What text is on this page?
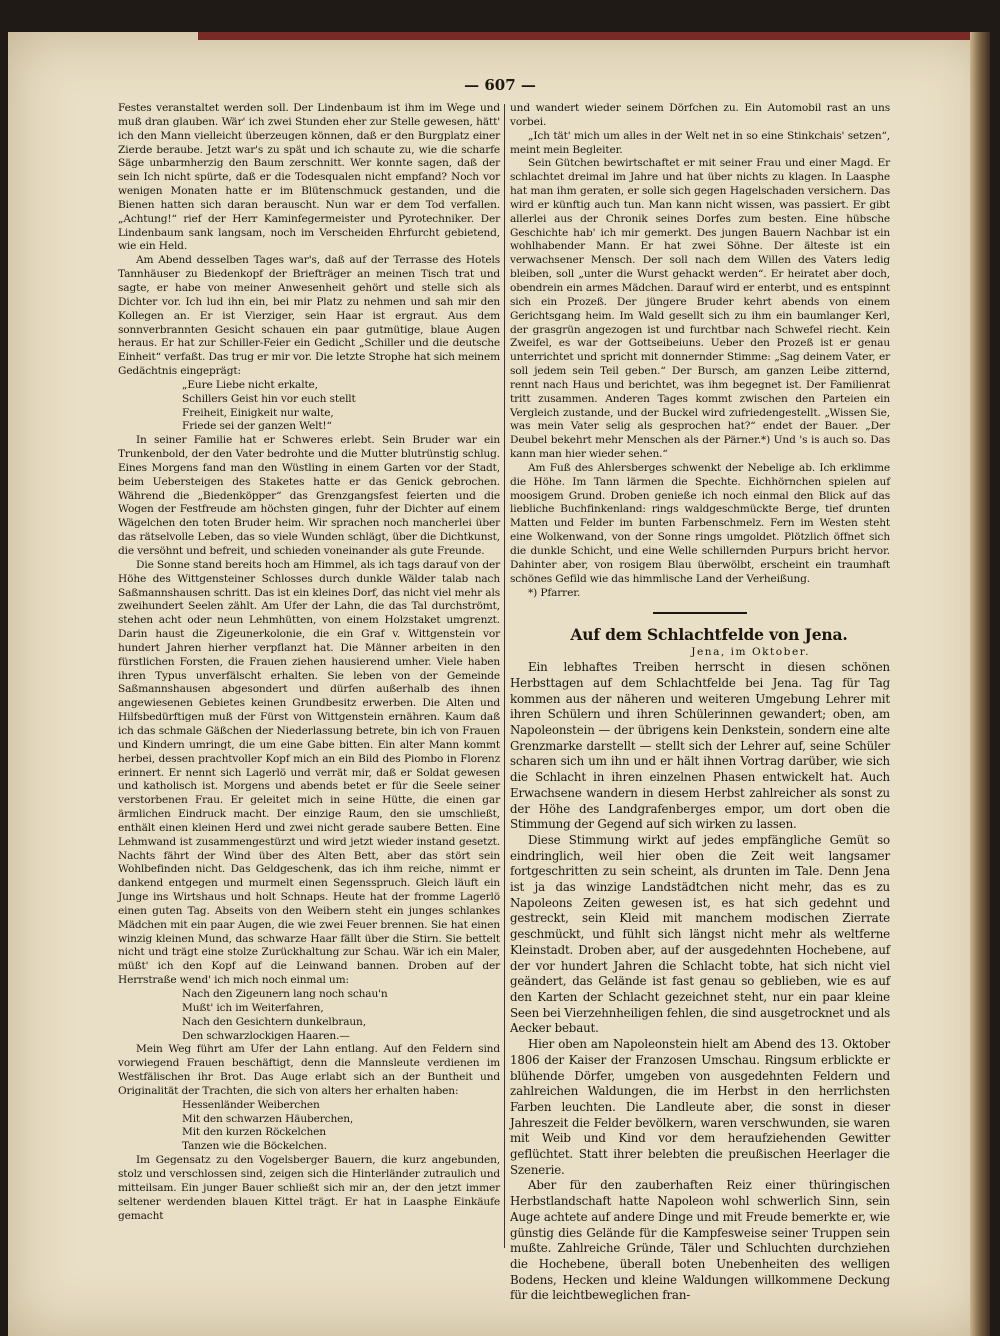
— 607 —

Festes veranstaltet werden soll. Der Lindenbaum ist ihm im Wege und muß dran glauben. Wär' ich zwei Stunden eher zur Stelle gewesen, hätt' ich den Mann vielleicht überzeugen können, daß er den Burgplatz einer Zierde beraube. Jetzt war's zu spät und ich schaute zu, wie die scharfe Säge unbarmherzig den Baum zerschnitt. Wer konnte sagen, daß der sein Ich nicht spürte, daß er die Todesqualen nicht empfand? Noch vor wenigen Monaten hatte er im Blütenschmuck gestanden, und die Bienen hatten sich daran berauscht. Nun war er dem Tod verfallen. „Achtung!“ rief der Herr Kaminfegermeister und Pyrotechniker. Der Lindenbaum sank langsam, noch im Verscheiden Ehrfurcht gebietend, wie ein Held.

Am Abend desselben Tages war's, daß auf der Terrasse des Hotels Tannhäuser zu Biedenkopf der Briefträger an meinen Tisch trat und sagte, er habe von meiner Anwesenheit gehört und stelle sich als Dichter vor. Ich lud ihn ein, bei mir Platz zu nehmen und sah mir den Kollegen an. Er ist Vierziger, sein Haar ist ergraut. Aus dem sonnverbrannten Gesicht schauen ein paar gutmütige, blaue Augen heraus. Er hat zur Schiller-Feier ein Gedicht „Schiller und die deutsche Einheit“ verfaßt. Das trug er mir vor. Die letzte Strophe hat sich meinem Gedächtnis eingeprägt:

„Eure Liebe nicht erkalte,
Schillers Geist hin vor euch stellt
Freiheit, Einigkeit nur walte,
Friede sei der ganzen Welt!“

In seiner Familie hat er Schweres erlebt. Sein Bruder war ein Trunkenbold, der den Vater bedrohte und die Mutter blutrünstig schlug. Eines Morgens fand man den Wüstling in einem Garten vor der Stadt, beim Uebersteigen des Staketes hatte er das Genick gebrochen. Während die „Biedenköpper“ das Grenzgangsfest feierten und die Wogen der Festfreude am höchsten gingen, fuhr der Dichter auf einem Wägelchen den toten Bruder heim. Wir sprachen noch mancherlei über das rätselvolle Leben, das so viele Wunden schlägt, über die Dichtkunst, die versöhnt und befreit, und schieden voneinander als gute Freunde.

Die Sonne stand bereits hoch am Himmel, als ich tags darauf von der Höhe des Wittgensteiner Schlosses durch dunkle Wälder talab nach Saßmannshausen schritt. Das ist ein kleines Dorf, das nicht viel mehr als zweihundert Seelen zählt. Am Ufer der Lahn, die das Tal durchströmt, stehen acht oder neun Lehmhütten, von einem Holzstaket umgrenzt. Darin haust die Zigeunerkolonie, die ein Graf v. Wittgenstein vor hundert Jahren hierher verpflanzt hat. Die Männer arbeiten in den fürstlichen Forsten, die Frauen ziehen hausierend umher. Viele haben ihren Typus unverfälscht erhalten. Sie leben von der Gemeinde Saßmannshausen abgesondert und dürfen außerhalb des ihnen angewiesenen Gebietes keinen Grundbesitz erwerben. Die Alten und Hilfsbedürftigen muß der Fürst von Wittgenstein ernähren. Kaum daß ich das schmale Gäßchen der Niederlassung betrete, bin ich von Frauen und Kindern umringt, die um eine Gabe bitten. Ein alter Mann kommt herbei, dessen prachtvoller Kopf mich an ein Bild des Piombo in Florenz erinnert. Er nennt sich Lagerlö und verrät mir, daß er Soldat gewesen und katholisch ist. Morgens und abends betet er für die Seele seiner verstorbenen Frau. Er geleitet mich in seine Hütte, die einen gar ärmlichen Eindruck macht. Der einzige Raum, den sie umschließt, enthält einen kleinen Herd und zwei nicht gerade saubere Betten. Eine Lehmwand ist zusammengestürzt und wird jetzt wieder instand gesetzt. Nachts fährt der Wind über des Alten Bett, aber das stört sein Wohlbefinden nicht. Das Geldgeschenk, das ich ihm reiche, nimmt er dankend entgegen und murmelt einen Segensspruch. Gleich läuft ein Junge ins Wirtshaus und holt Schnaps. Heute hat der fromme Lagerlö einen guten Tag. Abseits von den Weibern steht ein junges schlankes Mädchen mit ein paar Augen, die wie zwei Feuer brennen. Sie hat einen winzig kleinen Mund, das schwarze Haar fällt über die Stirn. Sie bettelt nicht und trägt eine stolze Zurückhaltung zur Schau. Wär ich ein Maler, müßt' ich den Kopf auf die Leinwand bannen. Droben auf der Herrstraße wend' ich mich noch einmal um:

Nach den Zigeunern lang noch schau'n
Mußt' ich im Weiterfahren,
Nach den Gesichtern dunkelbraun,
Den schwarzlockigen Haaren.—

Mein Weg führt am Ufer der Lahn entlang. Auf den Feldern sind vorwiegend Frauen beschäftigt, denn die Mannsleute verdienen im Westfälischen ihr Brot. Das Auge erlabt sich an der Buntheit und Originalität der Trachten, die sich von alters her erhalten haben:

Hessenländer Weiberchen
Mit den schwarzen Häuberchen,
Mit den kurzen Röckelchen
Tanzen wie die Böckelchen.

Im Gegensatz zu den Vogelsberger Bauern, die kurz angebunden, stolz und verschlossen sind, zeigen sich die Hinterländer zutraulich und mitteilsam. Ein junger Bauer schließt sich mir an, der den jetzt immer seltener werdenden blauen Kittel trägt. Er hat in Laasphe Einkäufe gemacht

und wandert wieder seinem Dörfchen zu. Ein Automobil rast an uns vorbei.

„Ich tät' mich um alles in der Welt net in so eine Stinkchais' setzen“, meint mein Begleiter.

Sein Gütchen bewirtschaftet er mit seiner Frau und einer Magd. Er schlachtet dreimal im Jahre und hat über nichts zu klagen. In Laasphe hat man ihm geraten, er solle sich gegen Hagelschaden versichern. Das wird er künftig auch tun. Man kann nicht wissen, was passiert. Er gibt allerlei aus der Chronik seines Dorfes zum besten. Eine hübsche Geschichte hab' ich mir gemerkt. Des jungen Bauern Nachbar ist ein wohlhabender Mann. Er hat zwei Söhne. Der älteste ist ein verwachsener Mensch. Der soll nach dem Willen des Vaters ledig bleiben, soll „unter die Wurst gehackt werden“. Er heiratet aber doch, obendrein ein armes Mädchen. Darauf wird er enterbt, und es entspinnt sich ein Prozeß. Der jüngere Bruder kehrt abends von einem Gerichtsgang heim. Im Wald gesellt sich zu ihm ein baumlanger Kerl, der grasgrün angezogen ist und furchtbar nach Schwefel riecht. Kein Zweifel, es war der Gottseibeiuns. Ueber den Prozeß ist er genau unterrichtet und spricht mit donnernder Stimme: „Sag deinem Vater, er soll jedem sein Teil geben.“ Der Bursch, am ganzen Leibe zitternd, rennt nach Haus und berichtet, was ihm begegnet ist. Der Familienrat tritt zusammen. Anderen Tages kommt zwischen den Parteien ein Vergleich zustande, und der Buckel wird zufriedengestellt. „Wissen Sie, was mein Vater selig als gesprochen hat?“ endet der Bauer. „Der Deubel bekehrt mehr Menschen als der Pärner.*) Und 's is auch so. Das kann man hier wieder sehen.“

Am Fuß des Ahlersberges schwenkt der Nebelige ab. Ich erklimme die Höhe. Im Tann lärmen die Spechte. Eichhörnchen spielen auf moosigem Grund. Droben genieße ich noch einmal den Blick auf das liebliche Buchfinkenland: rings waldgeschmückte Berge, tief drunten Matten und Felder im bunten Farbenschmelz. Fern im Westen steht eine Wolkenwand, von der Sonne rings umgoldet. Plötzlich öffnet sich die dunkle Schicht, und eine Welle schillernden Purpurs bricht hervor. Dahinter aber, von rosigem Blau überwölbt, erscheint ein traumhaft schönes Gefild wie das himmlische Land der Verheißung.

*) Pfarrer.

Auf dem Schlachtfelde von Jena.

Jena, im Oktober.

Ein lebhaftes Treiben herrscht in diesen schönen Herbsttagen auf dem Schlachtfelde bei Jena. Tag für Tag kommen aus der näheren und weiteren Umgebung Lehrer mit ihren Schülern und ihren Schülerinnen gewandert; oben, am Napoleonstein — der übrigens kein Denkstein, sondern eine alte Grenzmarke darstellt — stellt sich der Lehrer auf, seine Schüler scharen sich um ihn und er hält ihnen Vortrag darüber, wie sich die Schlacht in ihren einzelnen Phasen entwickelt hat. Auch Erwachsene wandern in diesem Herbst zahlreicher als sonst zu der Höhe des Landgrafenberges empor, um dort oben die Stimmung der Gegend auf sich wirken zu lassen.

Diese Stimmung wirkt auf jedes empfängliche Gemüt so eindringlich, weil hier oben die Zeit weit langsamer fortgeschritten zu sein scheint, als drunten im Tale. Denn Jena ist ja das winzige Landstädtchen nicht mehr, das es zu Napoleons Zeiten gewesen ist, es hat sich gedehnt und gestreckt, sein Kleid mit manchem modischen Zierrate geschmückt, und fühlt sich längst nicht mehr als weltferne Kleinstadt. Droben aber, auf der ausgedehnten Hochebene, auf der vor hundert Jahren die Schlacht tobte, hat sich nicht viel geändert, das Gelände ist fast genau so geblieben, wie es auf den Karten der Schlacht gezeichnet steht, nur ein paar kleine Seen bei Vierzehnheiligen fehlen, die sind ausgetrocknet und als Aecker bebaut.

Hier oben am Napoleonstein hielt am Abend des 13. Oktober 1806 der Kaiser der Franzosen Umschau. Ringsum erblickte er blühende Dörfer, umgeben von ausgedehnten Feldern und zahlreichen Waldungen, die im Herbst in den herrlichsten Farben leuchten. Die Landleute aber, die sonst in dieser Jahreszeit die Felder bevölkern, waren verschwunden, sie waren mit Weib und Kind vor dem heraufziehenden Gewitter geflüchtet. Statt ihrer belebten die preußischen Heerlager die Szenerie.

Aber für den zauberhaften Reiz einer thüringischen Herbstlandschaft hatte Napoleon wohl schwerlich Sinn, sein Auge achtete auf andere Dinge und mit Freude bemerkte er, wie günstig dies Gelände für die Kampfesweise seiner Truppen sein mußte. Zahlreiche Gründe, Täler und Schluchten durchziehen die Hochebene, überall boten Unebenheiten des welligen Bodens, Hecken und kleine Waldungen willkommene Deckung für die leichtbeweglichen fran-
